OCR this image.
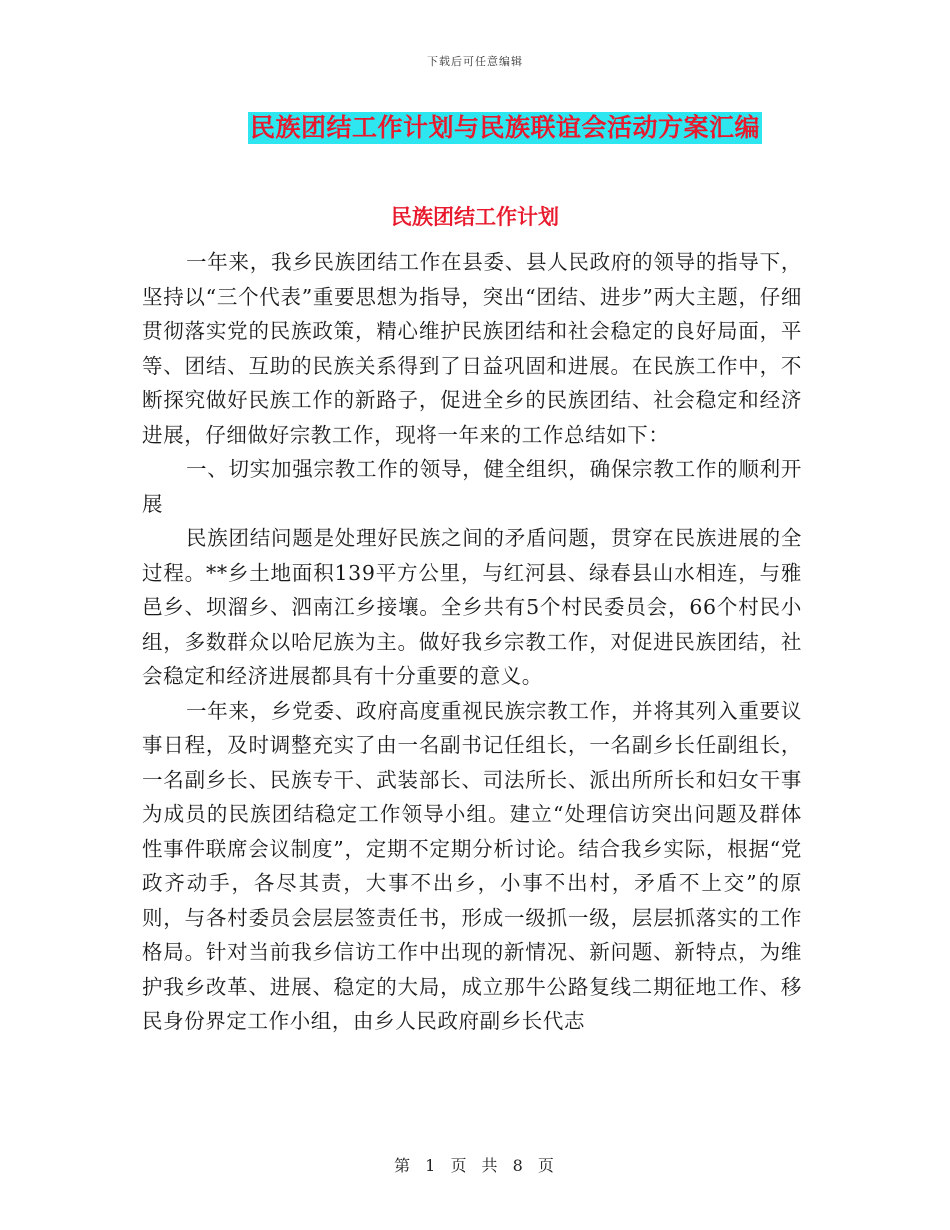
下载后可任意编辑
民族团结工作计划与民族联谊会活动方案汇编
民族团结工作计划

一年来，我乡民族团结工作在县委、县人民政府的领导的指导下，坚持以“三个代表”重要思想为指导，突出“团结、进步”两大主题，仔细贯彻落实党的民族政策，精心维护民族团结和社会稳定的良好局面，平等、团结、互助的民族关系得到了日益巩固和进展。在民族工作中，不断探究做好民族工作的新路子，促进全乡的民族团结、社会稳定和经济进展，仔细做好宗教工作，现将一年来的工作总结如下：

一、切实加强宗教工作的领导，健全组织，确保宗教工作的顺利开展

民族团结问题是处理好民族之间的矛盾问题，贯穿在民族进展的全过程。**乡土地面积139平方公里，与红河县、绿春县山水相连，与雅邑乡、坝溜乡、泗南江乡接壤。全乡共有5个村民委员会，66个村民小组，多数群众以哈尼族为主。做好我乡宗教工作，对促进民族团结，社会稳定和经济进展都具有十分重要的意义。

一年来，乡党委、政府高度重视民族宗教工作，并将其列入重要议事日程，及时调整充实了由一名副书记任组长，一名副乡长任副组长，一名副乡长、民族专干、武装部长、司法所长、派出所所长和妇女干事为成员的民族团结稳定工作领导小组。建立“处理信访突出问题及群体性事件联席会议制度”，定期不定期分析讨论。结合我乡实际，根据“党政齐动手，各尽其责，大事不出乡，小事不出村，矛盾不上交”的原则，与各村委员会层层签责任书，形成一级抓一级，层层抓落实的工作格局。针对当前我乡信访工作中出现的新情况、新问题、新特点，为维护我乡改革、进展、稳定的大局，成立那牛公路复线二期征地工作、移民身份界定工作小组，由乡人民政府副乡长代志

第 1 页 共 8 页
